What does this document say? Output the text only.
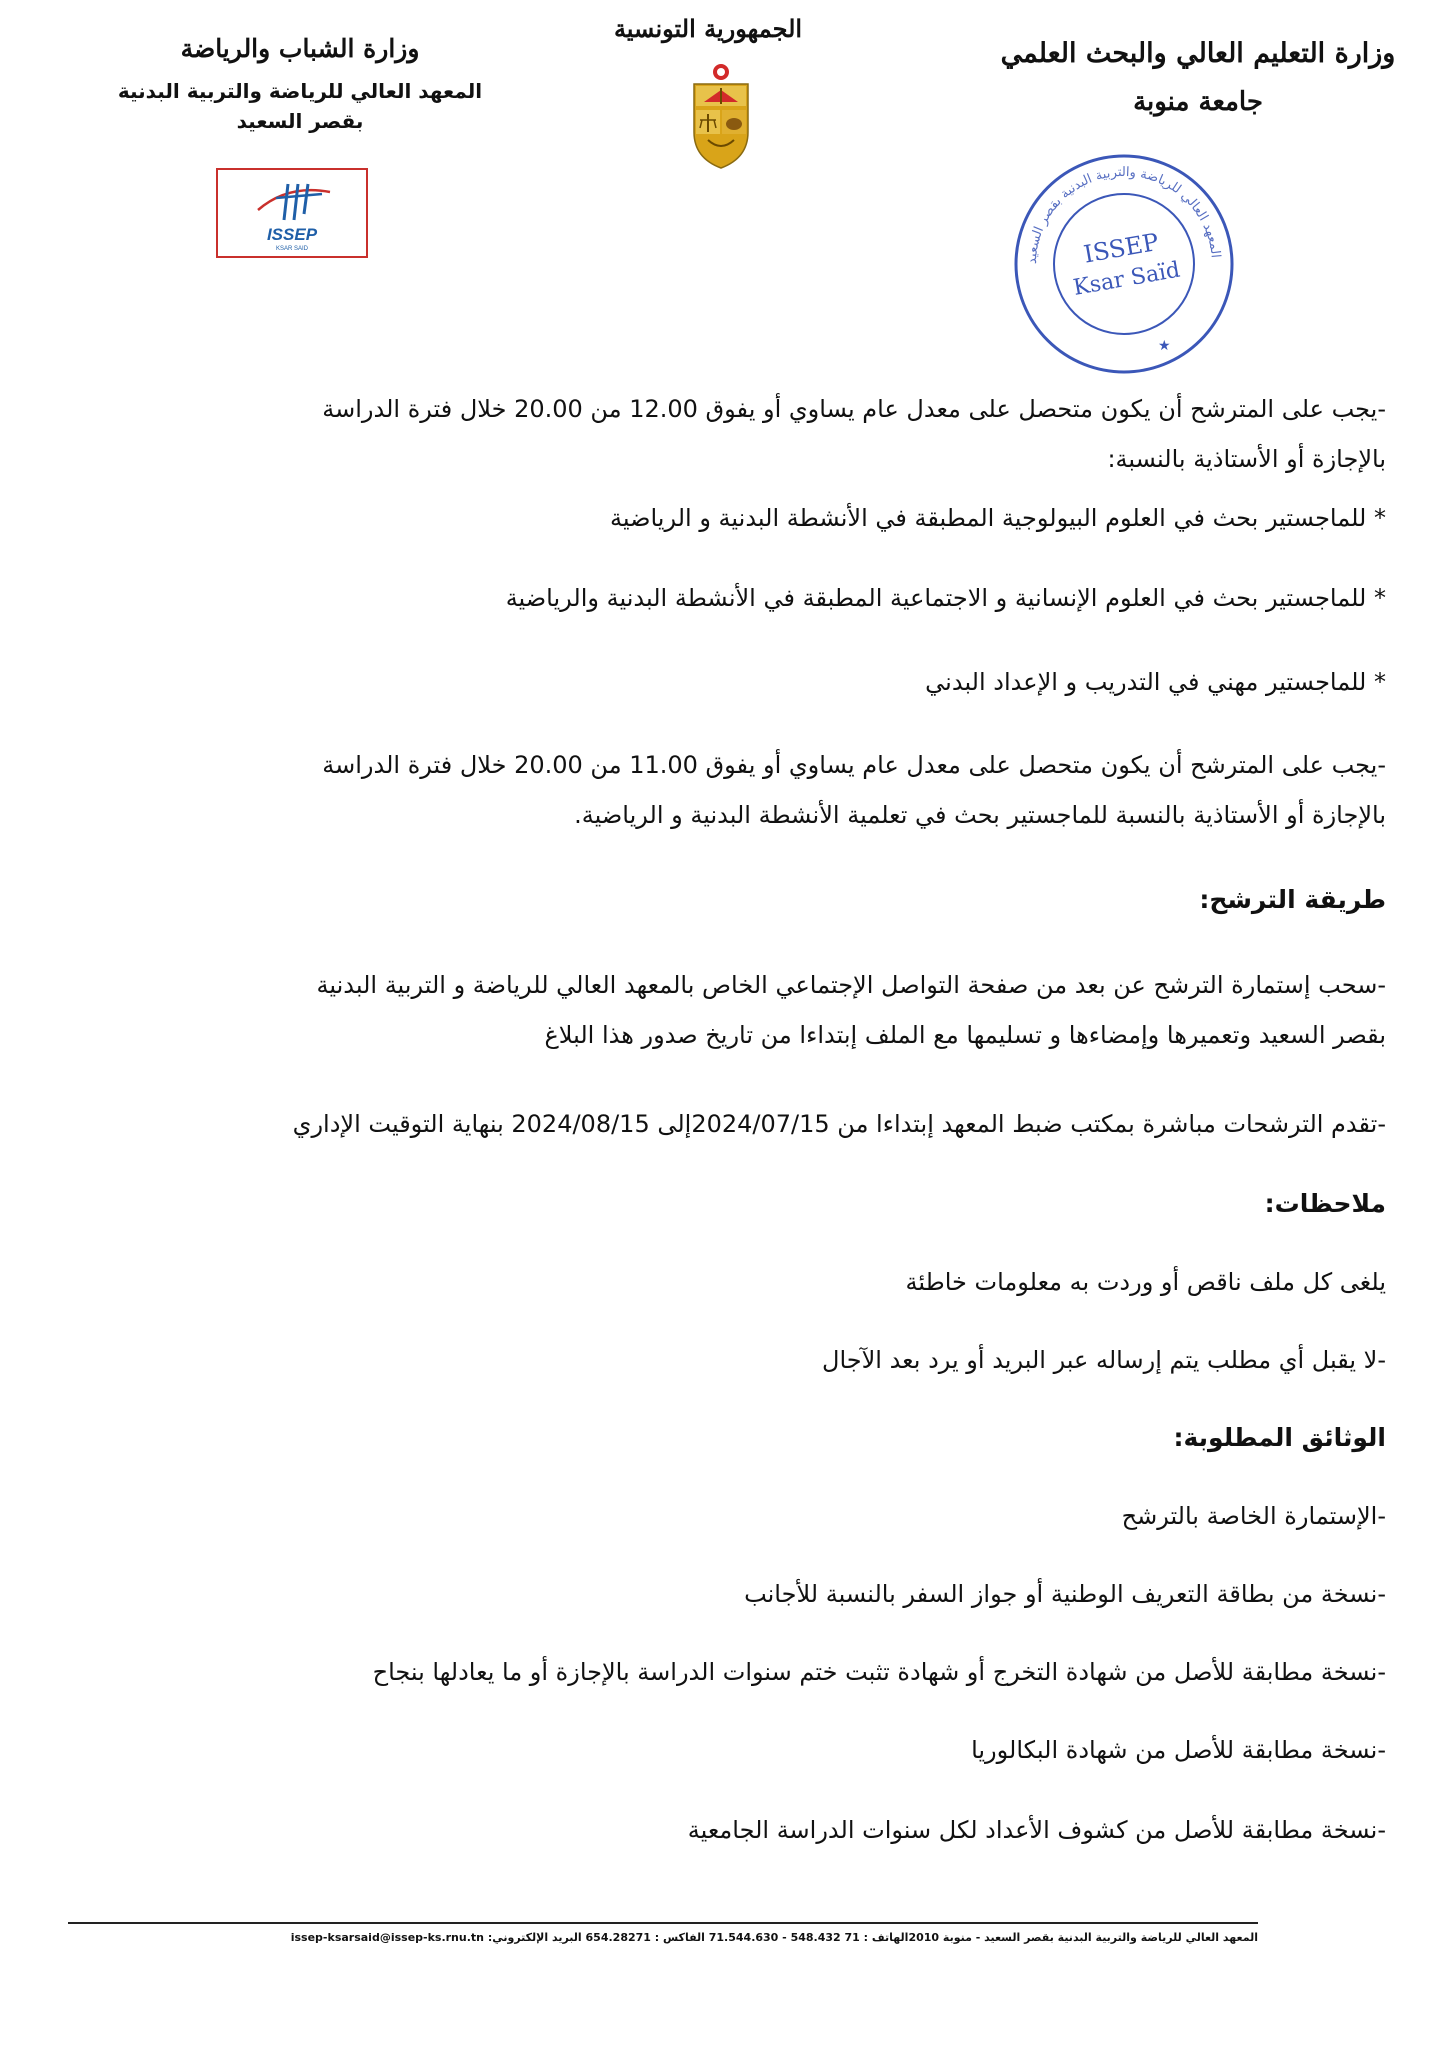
وزارة التعليم العالي والبحث العلمي
جامعة منوبة
الجمهورية التونسية
وزارة الشباب والرياضة
المعهد العالي للرياضة والتربية البدنية
بقصر السعيد
ISSEP
KSAR SAID
المعهد العالي للرياضة والتربية البدنية بقصر السعيد
ISSEP
Ksar Saïd
★
-يجب على المترشح أن يكون متحصل على معدل عام يساوي أو يفوق 12.00 من 20.00 خلال فترة الدراسة
بالإجازة أو الأستاذية بالنسبة:
* للماجستير بحث في العلوم البيولوجية المطبقة في الأنشطة البدنية و الرياضية
* للماجستير بحث في العلوم الإنسانية و الاجتماعية المطبقة في الأنشطة البدنية والرياضية
* للماجستير مهني في التدريب و الإعداد البدني
-يجب على المترشح أن يكون متحصل على معدل عام يساوي أو يفوق 11.00 من 20.00 خلال فترة الدراسة
بالإجازة أو الأستاذية بالنسبة للماجستير بحث في تعلمية الأنشطة البدنية و الرياضية.
طريقة الترشح:
-سحب إستمارة الترشح عن بعد من صفحة التواصل الإجتماعي الخاص بالمعهد العالي للرياضة و التربية البدنية
بقصر السعيد وتعميرها وإمضاءها و تسليمها مع الملف إبتداءا من تاريخ صدور هذا البلاغ
-تقدم الترشحات مباشرة بمكتب ضبط المعهد إبتداءا من 2024/07/15إلى 2024/08/15 بنهاية التوقيت الإداري
ملاحظات:
يلغى كل ملف ناقص أو وردت به معلومات خاطئة
-لا يقبل أي مطلب يتم إرساله عبر البريد أو يرد بعد الآجال
الوثائق المطلوبة:
-الإستمارة الخاصة بالترشح
-نسخة من بطاقة التعريف الوطنية أو جواز السفر بالنسبة للأجانب
-نسخة مطابقة للأصل من شهادة التخرج أو شهادة تثبت ختم سنوات الدراسة بالإجازة أو ما يعادلها بنجاح
-نسخة مطابقة للأصل من شهادة البكالوريا
-نسخة مطابقة للأصل من كشوف الأعداد لكل سنوات الدراسة الجامعية
المعهد العالي للرياضة والتربية البدنية بقصر السعيد - منوبة 2010الهاتف : 71 548.432 - 71.544.630 الفاكس : 654.28271 البريد الإلكتروني: issep-ksarsaid@issep-ks.rnu.tn
